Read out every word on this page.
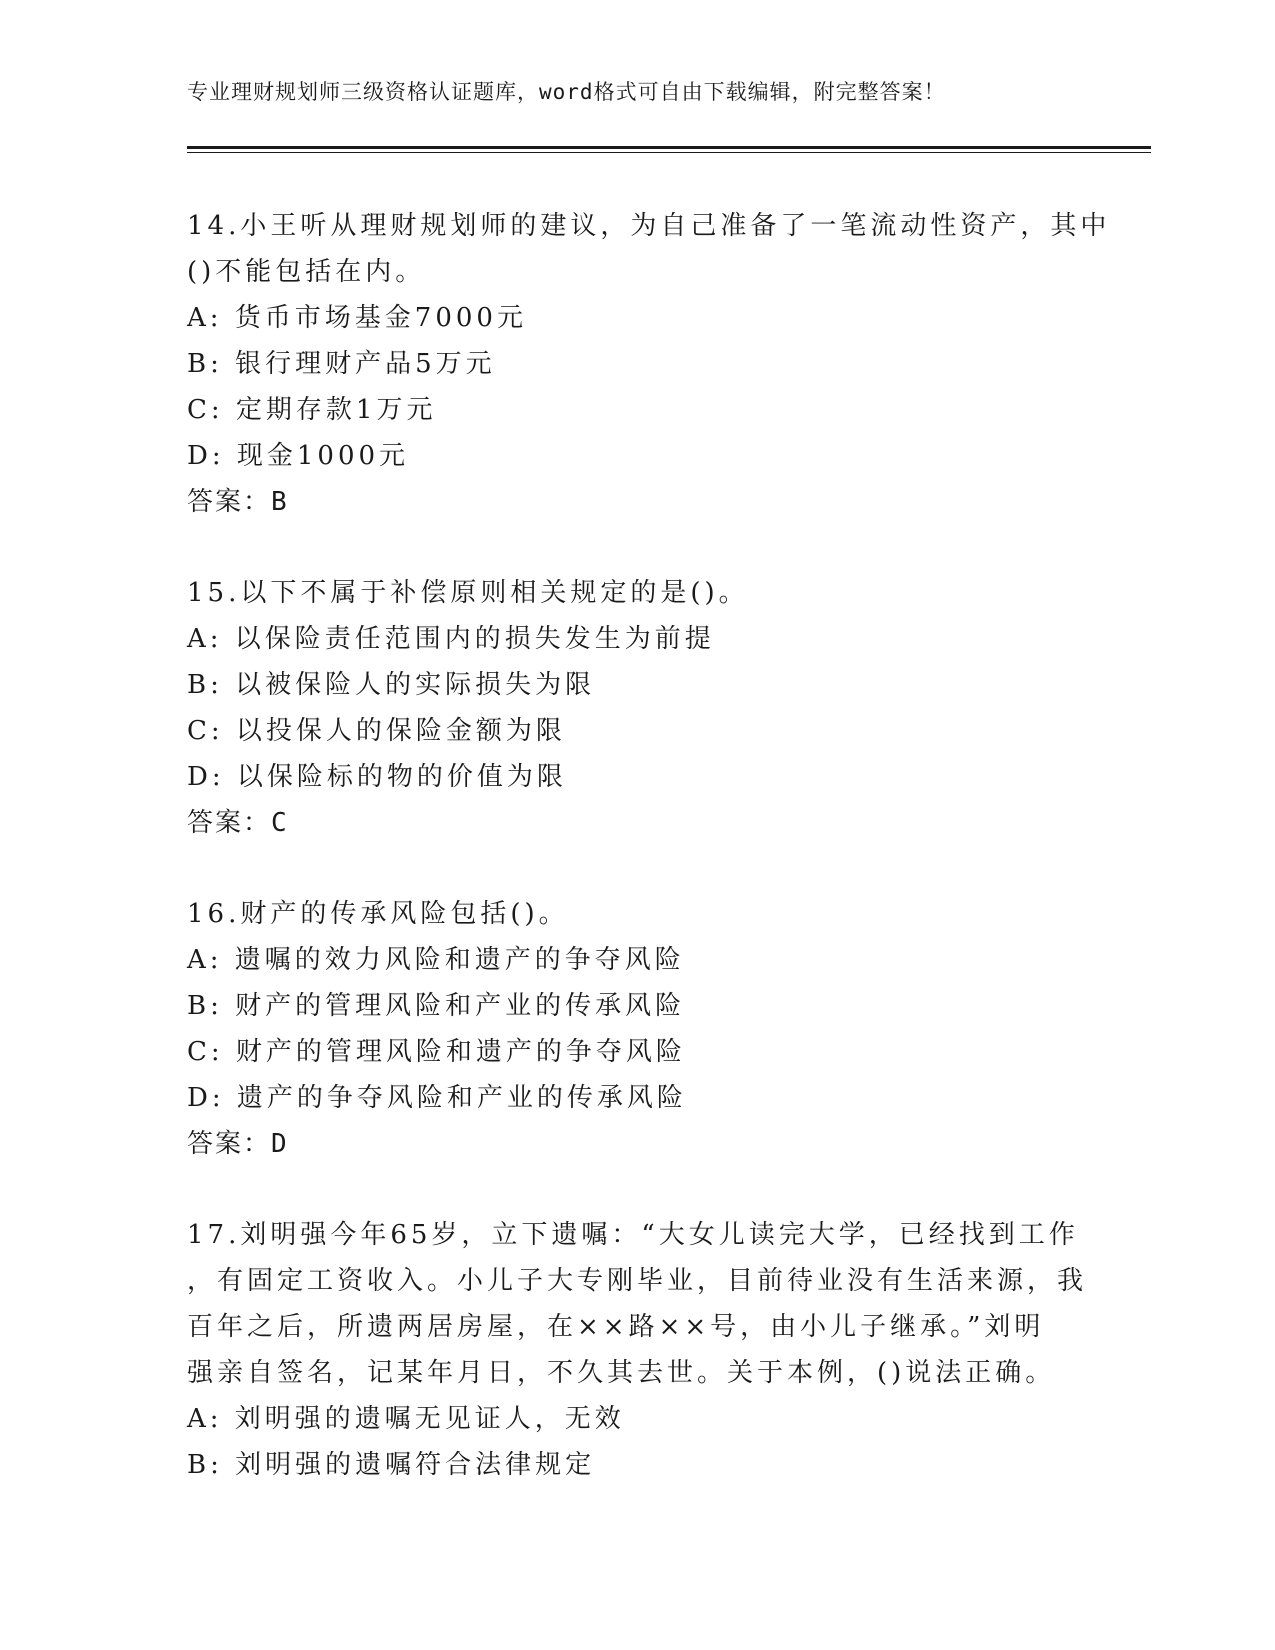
专业理财规划师三级资格认证题库，word格式可自由下载编辑，附完整答案！

14.小王听从理财规划师的建议，为自己准备了一笔流动性资产，其中

()不能包括在内。

A: 货币市场基金7000元

B: 银行理财产品5万元

C: 定期存款1万元

D: 现金1000元

答案：B

15.以下不属于补偿原则相关规定的是()。

A: 以保险责任范围内的损失发生为前提

B: 以被保险人的实际损失为限

C: 以投保人的保险金额为限

D: 以保险标的物的价值为限

答案：C

16.财产的传承风险包括()。

A: 遗嘱的效力风险和遗产的争夺风险

B: 财产的管理风险和产业的传承风险

C: 财产的管理风险和遗产的争夺风险

D: 遗产的争夺风险和产业的传承风险

答案：D

17.刘明强今年65岁，立下遗嘱：“大女儿读完大学，已经找到工作

，有固定工资收入。小儿子大专刚毕业，目前待业没有生活来源，我

百年之后，所遗两居房屋，在××路××号，由小儿子继承。”刘明

强亲自签名，记某年月日，不久其去世。关于本例，()说法正确。

A: 刘明强的遗嘱无见证人，无效

B: 刘明强的遗嘱符合法律规定
